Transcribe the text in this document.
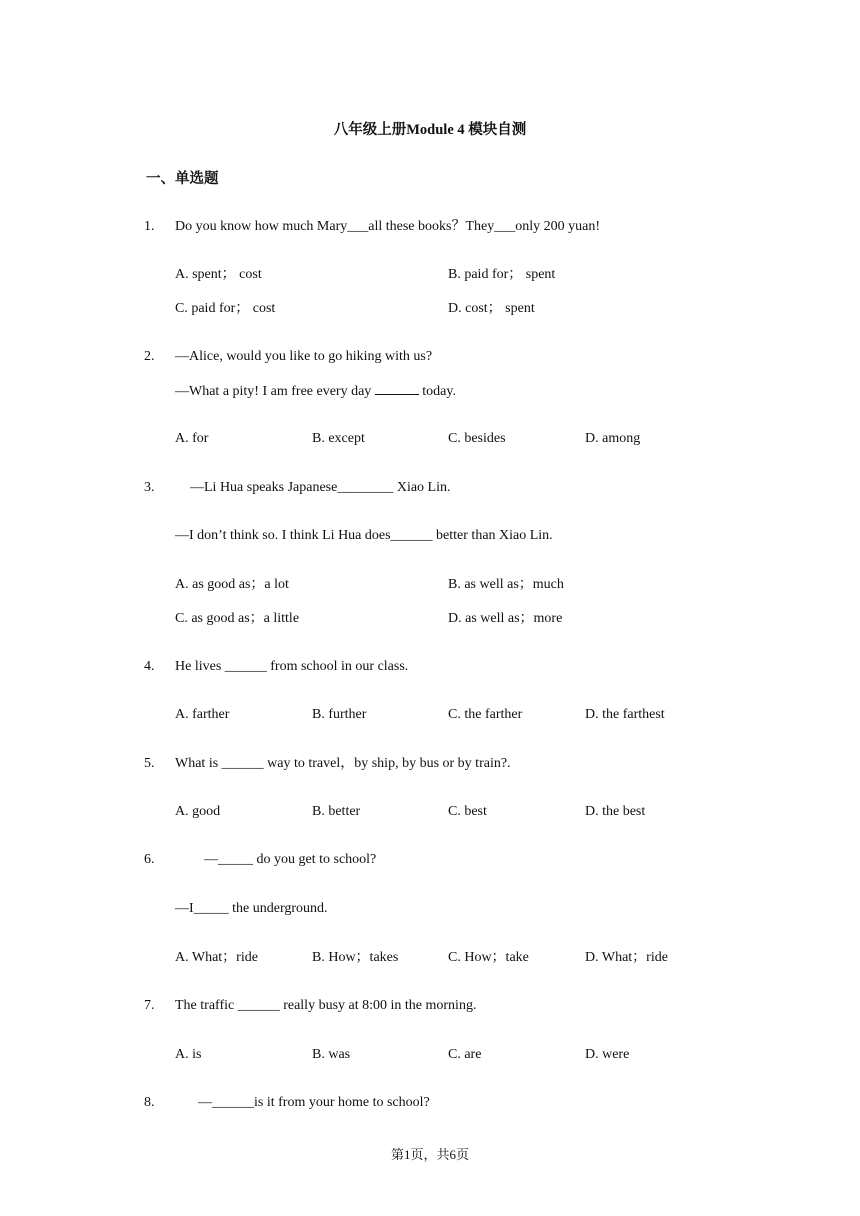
八年级上册Module 4 模块自测
一、单选题
1. Do you know how much Mary___all these books？They___only 200 yuan!
A. spent； cost	B. paid for； spent
C. paid for； cost	D. cost； spent
2. —Alice, would you like to go hiking with us?
—What a pity! I am free every day	today.
A. for	B. except	C. besides	D. among
3.	—Li Hua speaks Japanese________ Xiao Lin.
—I don’t think so. I think Li Hua does______ better than Xiao Lin.
A. as good as；a lot	B. as well as；much
C. as good as；a little	D. as well as；more
4. He lives ______ from school in our class.
A. farther	B. further	C. the farther	D. the farthest
5. What is ______ way to travel，by ship, by bus or by train?.
A. good	B. better	C. best	D. the best
6.	—_____ do you get to school?
—I_____ the underground.
A. What；ride	B. How；takes	C. How；take	D. What；ride
7. The traffic ______ really busy at 8:00 in the morning.
A. is	B. was	C. are	D. were
8.	—______is it from your home to school?
第1页，共6页
